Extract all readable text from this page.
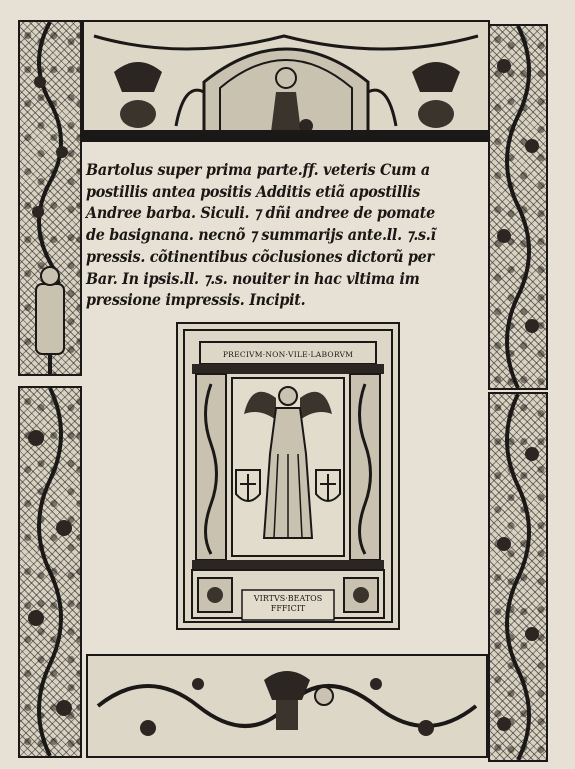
Bartolus super prima parte.ff. veteris Cum a
postillis antea positis Additis etiã apostillis
Andree barba. Siculi. ⁊ dñi andree de pomate
de basignana. necnõ ⁊ summarijs ante.ll. ⁊.s.ĩ
pressis. cõtinentibus cõclusiones dictorũ per
Bar. In ipsis.ll. ⁊.s. nouiter in hac vltima im
pressione impressis. Incipit.

PRECIVM·NON·VILE·LABORVM
VIRTVS·BEATOS
FFFICIT
